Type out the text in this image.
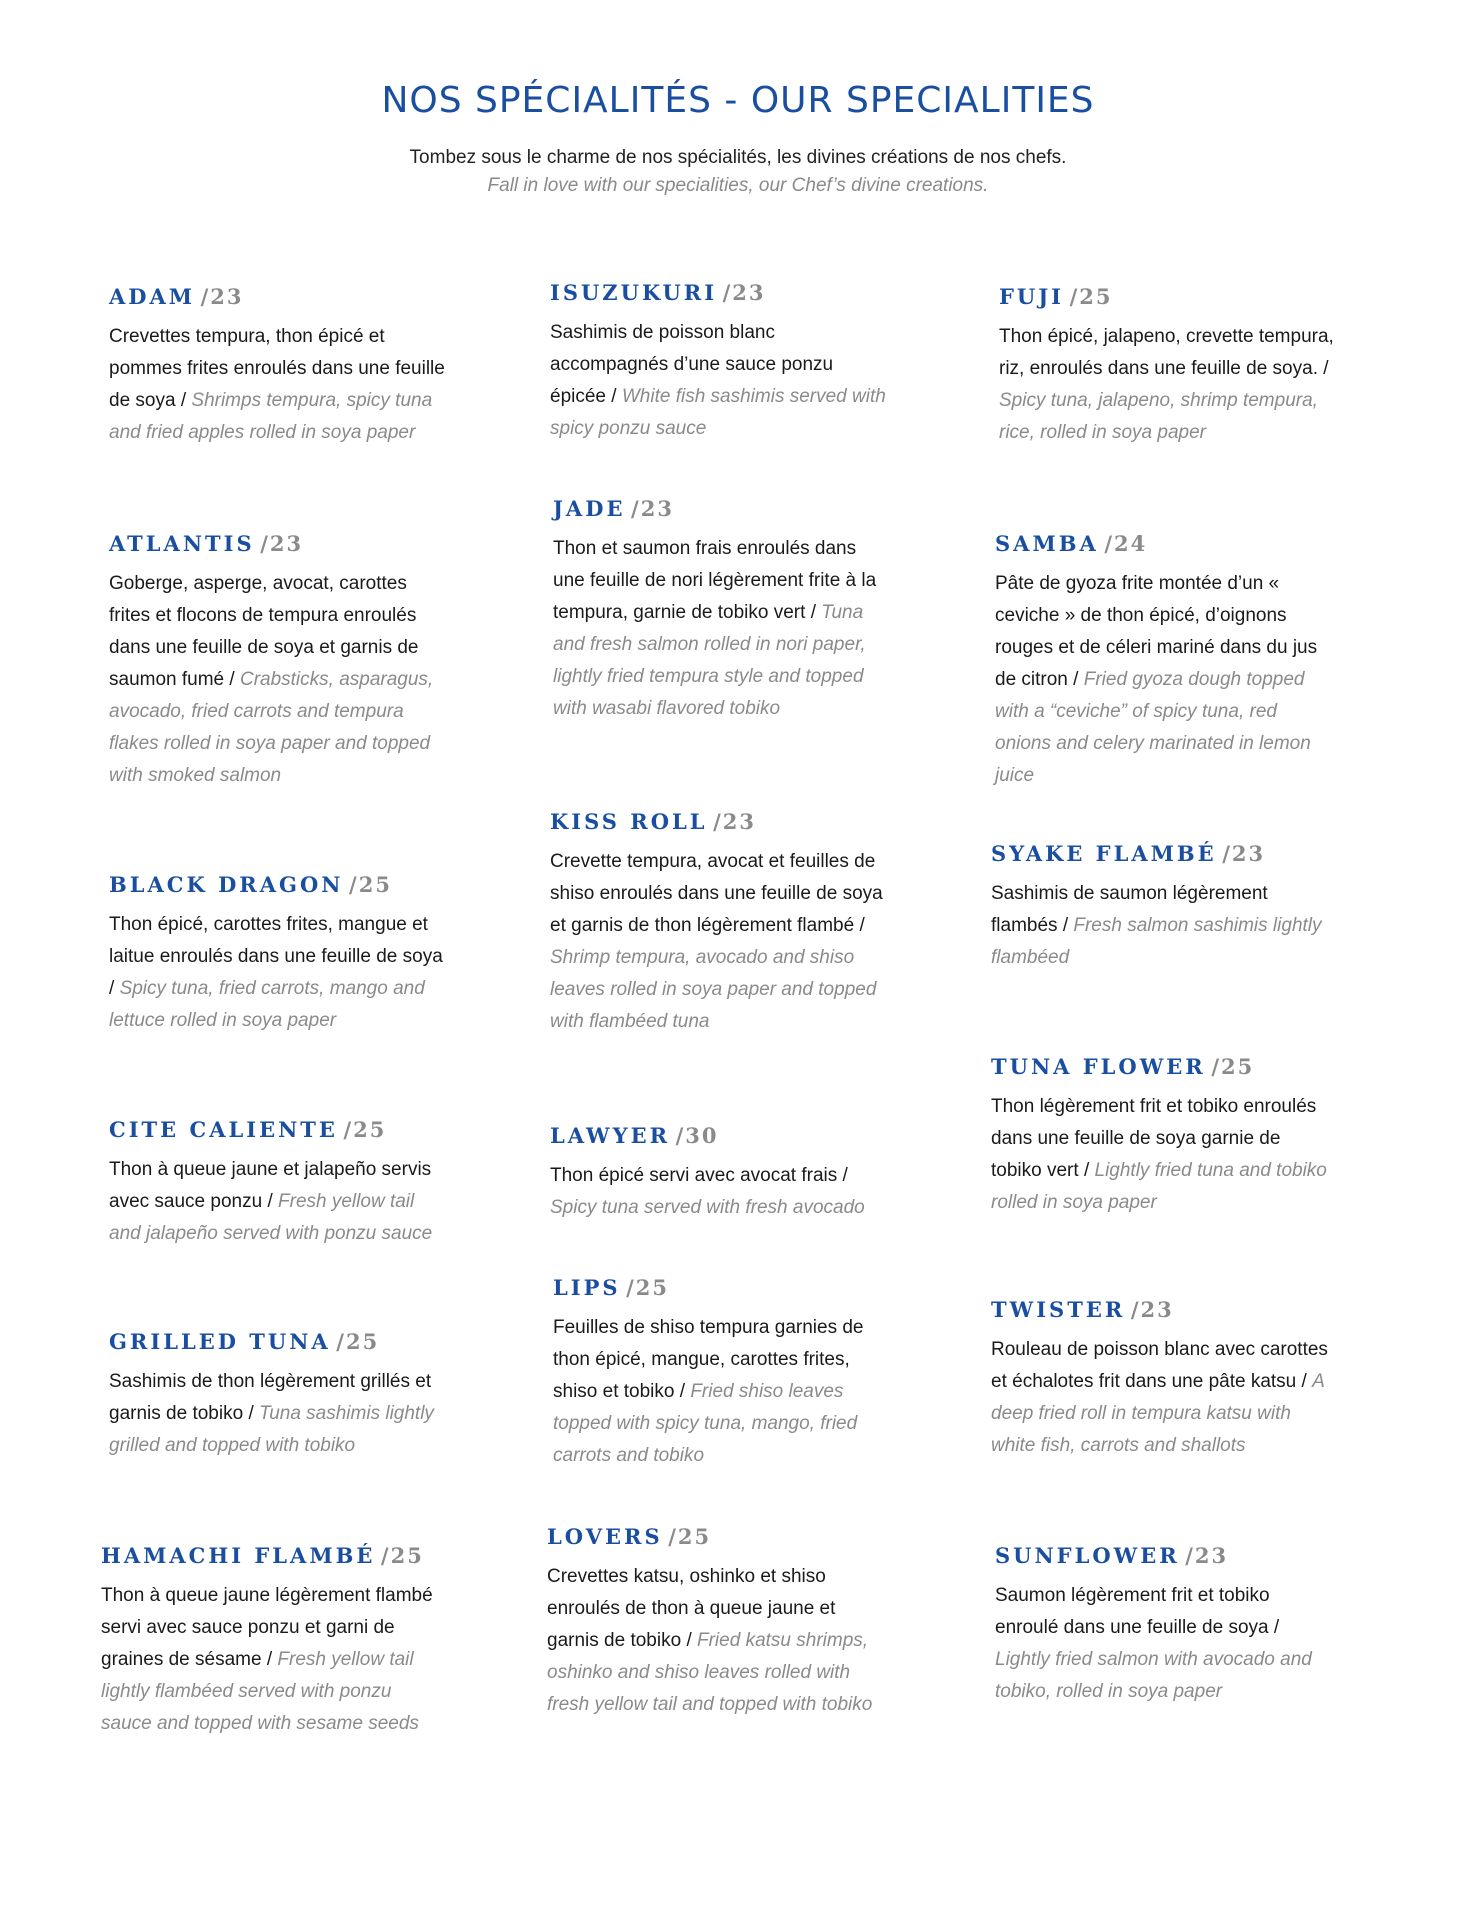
NOS SPÉCIALITÉS - OUR SPECIALITIES
Tombez sous le charme de nos spécialités, les divines créations de nos chefs.
Fall in love with our specialities, our Chef’s divine creations.
ADAM /23

Crevettes tempura, thon épicé et pommes frites enroulés dans une feuille de soya / Shrimps tempura, spicy tuna and fried apples rolled in soya paper

ATLANTIS /23

Goberge, asperge, avocat, carottes frites et flocons de tempura enroulés dans une feuille de soya et garnis de saumon fumé / Crabsticks, asparagus, avocado, fried carrots and tempura flakes rolled in soya paper and topped with smoked salmon

BLACK DRAGON /25

Thon épicé, carottes frites, mangue et laitue enroulés dans une feuille de soya / Spicy tuna, fried carrots, mango and lettuce rolled in soya paper

CITE CALIENTE /25

Thon à queue jaune et jalapeño servis avec sauce ponzu / Fresh yellow tail and jalapeño served with ponzu sauce

GRILLED TUNA /25

Sashimis de thon légèrement grillés et garnis de tobiko / Tuna sashimis lightly grilled and topped with tobiko

HAMACHI FLAMBÉ /25

Thon à queue jaune légèrement flambé servi avec sauce ponzu et garni de graines de sésame / Fresh yellow tail lightly flambéed served with ponzu sauce and topped with sesame seeds

ISUZUKURI /23

Sashimis de poisson blanc accompagnés d’une sauce ponzu épicée / White fish sashimis served with spicy ponzu sauce

JADE /23

Thon et saumon frais enroulés dans une feuille de nori légèrement frite à la tempura, garnie de tobiko vert / Tuna and fresh salmon rolled in nori paper, lightly fried tempura style and topped with wasabi flavored tobiko

KISS ROLL /23

Crevette tempura, avocat et feuilles de shiso enroulés dans une feuille de soya et garnis de thon légèrement flambé / Shrimp tempura, avocado and shiso leaves rolled in soya paper and topped with flambéed tuna

LAWYER /30

Thon épicé servi avec avocat frais / Spicy tuna served with fresh avocado

LIPS /25

Feuilles de shiso tempura garnies de thon épicé, mangue, carottes frites, shiso et tobiko / Fried shiso leaves topped with spicy tuna, mango, fried carrots and tobiko

LOVERS /25

Crevettes katsu, oshinko et shiso enroulés de thon à queue jaune et garnis de tobiko / Fried katsu shrimps, oshinko and shiso leaves rolled with fresh yellow tail and topped with tobiko

FUJI /25

Thon épicé, jalapeno, crevette tempura, riz, enroulés dans une feuille de soya. / Spicy tuna, jalapeno, shrimp tempura, rice, rolled in soya paper

SAMBA /24

Pâte de gyoza frite montée d’un « ceviche » de thon épicé, d’oignons rouges et de céleri mariné dans du jus de citron / Fried gyoza dough topped with a “ceviche” of spicy tuna, red onions and celery marinated in lemon juice

SYAKE FLAMBÉ /23

Sashimis de saumon légèrement flambés / Fresh salmon sashimis lightly flambéed

TUNA FLOWER /25

Thon légèrement frit et tobiko enroulés dans une feuille de soya garnie de tobiko vert / Lightly fried tuna and tobiko rolled in soya paper

TWISTER /23

Rouleau de poisson blanc avec carottes et échalotes frit dans une pâte katsu / A deep fried roll in tempura katsu with white fish, carrots and shallots

SUNFLOWER /23

Saumon légèrement frit et tobiko enroulé dans une feuille de soya / Lightly fried salmon with avocado and tobiko, rolled in soya paper
